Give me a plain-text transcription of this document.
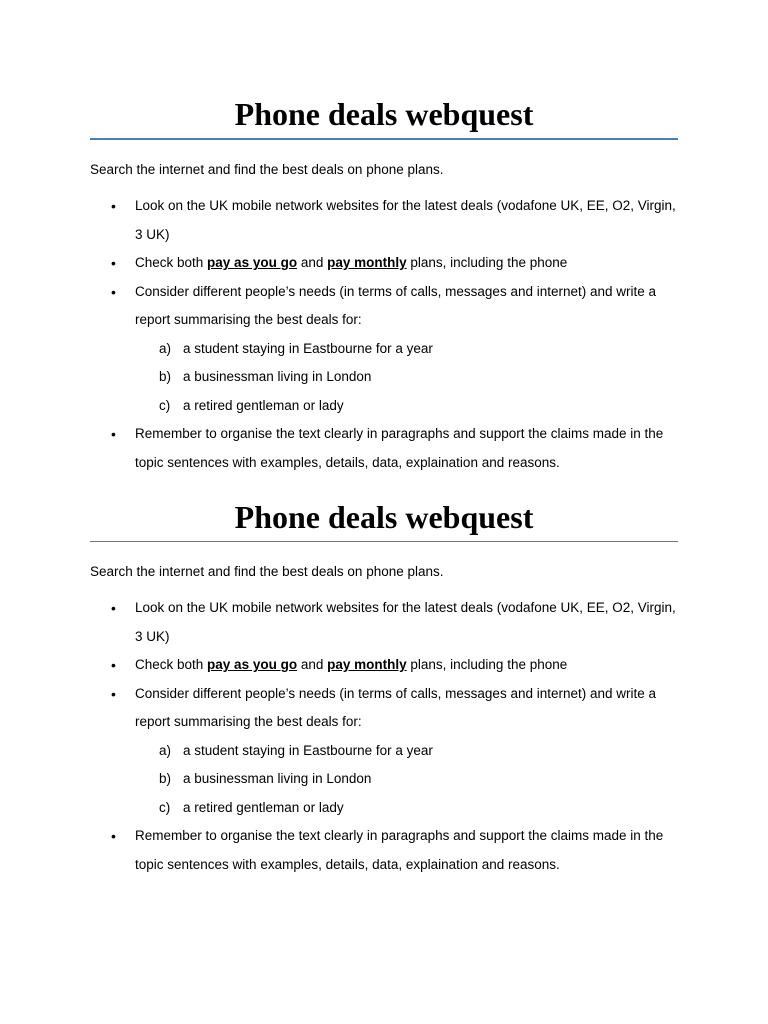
Phone deals webquest

Search the internet and find the best deals on phone plans.

• Look on the UK mobile network websites for the latest deals (vodafone UK, EE, O2, Virgin, 3 UK)
• Check both pay as you go and pay monthly plans, including the phone
• Consider different people’s needs (in terms of calls, messages and internet) and write a report summarising the best deals for:
a) a student staying in Eastbourne for a year
b) a businessman living in London
c) a retired gentleman or lady
• Remember to organise the text clearly in paragraphs and support the claims made in the topic sentences with examples, details, data, explaination and reasons.
Phone deals webquest

Search the internet and find the best deals on phone plans.

• Look on the UK mobile network websites for the latest deals (vodafone UK, EE, O2, Virgin, 3 UK)
• Check both pay as you go and pay monthly plans, including the phone
• Consider different people’s needs (in terms of calls, messages and internet) and write a report summarising the best deals for:
a) a student staying in Eastbourne for a year
b) a businessman living in London
c) a retired gentleman or lady
• Remember to organise the text clearly in paragraphs and support the claims made in the topic sentences with examples, details, data, explaination and reasons.
